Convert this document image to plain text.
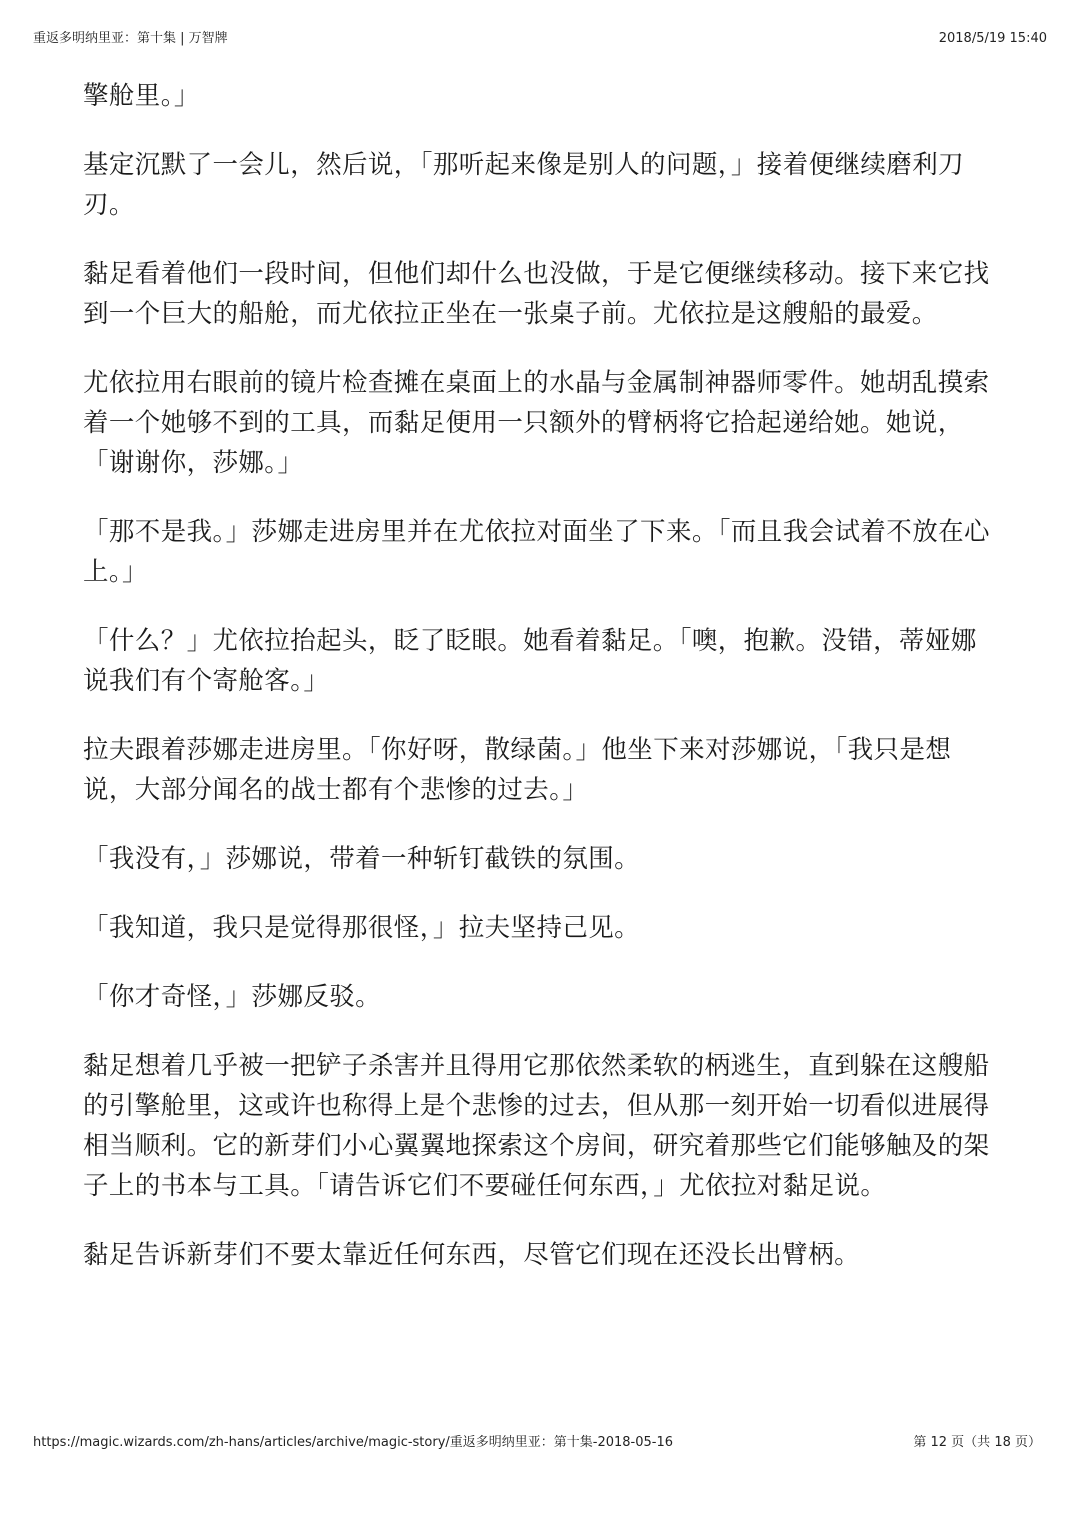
重返多明纳里亚：第十集 | 万智牌	2018/5/19 15:40

擎舱里。」

基定沉默了一会儿，然后说，「那听起来像是别人的问题，」接着便继续磨利刀刃。

黏足看着他们一段时间，但他们却什么也没做，于是它便继续移动。接下来它找到一个巨大的船舱，而尤依拉正坐在一张桌子前。尤依拉是这艘船的最爱。

尤依拉用右眼前的镜片检查摊在桌面上的水晶与金属制神器师零件。她胡乱摸索着一个她够不到的工具，而黏足便用一只额外的臂柄将它拾起递给她。她说，「谢谢你，莎娜。」

「那不是我。」莎娜走进房里并在尤依拉对面坐了下来。「而且我会试着不放在心上。」

「什么？」尤依拉抬起头，眨了眨眼。她看着黏足。「噢，抱歉。没错，蒂娅娜说我们有个寄舱客。」

拉夫跟着莎娜走进房里。「你好呀，散绿菌。」他坐下来对莎娜说，「我只是想说，大部分闻名的战士都有个悲惨的过去。」

「我没有，」莎娜说，带着一种斩钉截铁的氛围。

「我知道，我只是觉得那很怪，」拉夫坚持己见。

「你才奇怪，」莎娜反驳。

黏足想着几乎被一把铲子杀害并且得用它那依然柔软的柄逃生，直到躲在这艘船的引擎舱里，这或许也称得上是个悲惨的过去，但从那一刻开始一切看似进展得相当顺利。它的新芽们小心翼翼地探索这个房间，研究着那些它们能够触及的架子上的书本与工具。「请告诉它们不要碰任何东西，」尤依拉对黏足说。

黏足告诉新芽们不要太靠近任何东西，尽管它们现在还没长出臂柄。

https://magic.wizards.com/zh-hans/articles/archive/magic-story/重返多明纳里亚：第十集-2018-05-16	第 12 页（共 18 页）
